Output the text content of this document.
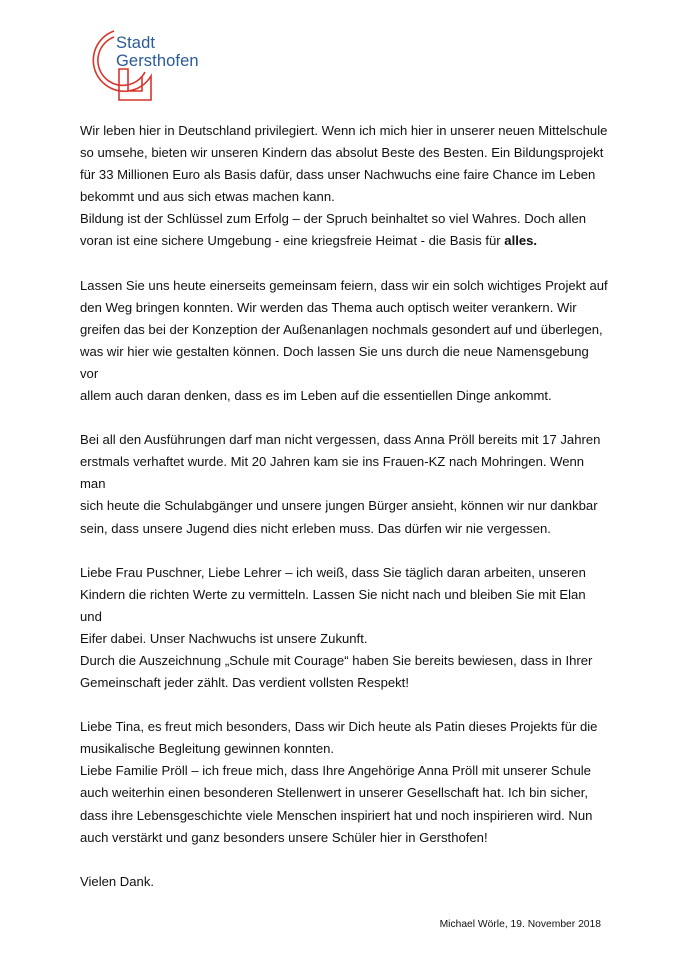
Stadt
Gersthofen

Wir leben hier in Deutschland privilegiert. Wenn ich mich hier in unserer neuen Mittelschule
so umsehe, bieten wir unseren Kindern das absolut Beste des Besten. Ein Bildungsprojekt
für 33 Millionen Euro als Basis dafür, dass unser Nachwuchs eine faire Chance im Leben
bekommt und aus sich etwas machen kann.
Bildung ist der Schlüssel zum Erfolg – der Spruch beinhaltet so viel Wahres. Doch allen
voran ist eine sichere Umgebung - eine kriegsfreie Heimat - die Basis für alles.

Lassen Sie uns heute einerseits gemeinsam feiern, dass wir ein solch wichtiges Projekt auf
den Weg bringen konnten. Wir werden das Thema auch optisch weiter verankern. Wir
greifen das bei der Konzeption der Außenanlagen nochmals gesondert auf und überlegen,
was wir hier wie gestalten können. Doch lassen Sie uns durch die neue Namensgebung vor
allem auch daran denken, dass es im Leben auf die essentiellen Dinge ankommt.

Bei all den Ausführungen darf man nicht vergessen, dass Anna Pröll bereits mit 17 Jahren
erstmals verhaftet wurde. Mit 20 Jahren kam sie ins Frauen-KZ nach Mohringen. Wenn man
sich heute die Schulabgänger und unsere jungen Bürger ansieht, können wir nur dankbar
sein, dass unsere Jugend dies nicht erleben muss. Das dürfen wir nie vergessen.

Liebe Frau Puschner, Liebe Lehrer – ich weiß, dass Sie täglich daran arbeiten, unseren
Kindern die richten Werte zu vermitteln. Lassen Sie nicht nach und bleiben Sie mit Elan und
Eifer dabei. Unser Nachwuchs ist unsere Zukunft.
Durch die Auszeichnung „Schule mit Courage“ haben Sie bereits bewiesen, dass in Ihrer
Gemeinschaft jeder zählt. Das verdient vollsten Respekt!

Liebe Tina, es freut mich besonders, Dass wir Dich heute als Patin dieses Projekts für die
musikalische Begleitung gewinnen konnten.
Liebe Familie Pröll – ich freue mich, dass Ihre Angehörige Anna Pröll mit unserer Schule
auch weiterhin einen besonderen Stellenwert in unserer Gesellschaft hat. Ich bin sicher,
dass ihre Lebensgeschichte viele Menschen inspiriert hat und noch inspirieren wird. Nun
auch verstärkt und ganz besonders unsere Schüler hier in Gersthofen!

Vielen Dank.

Michael Wörle, 19. November 2018
